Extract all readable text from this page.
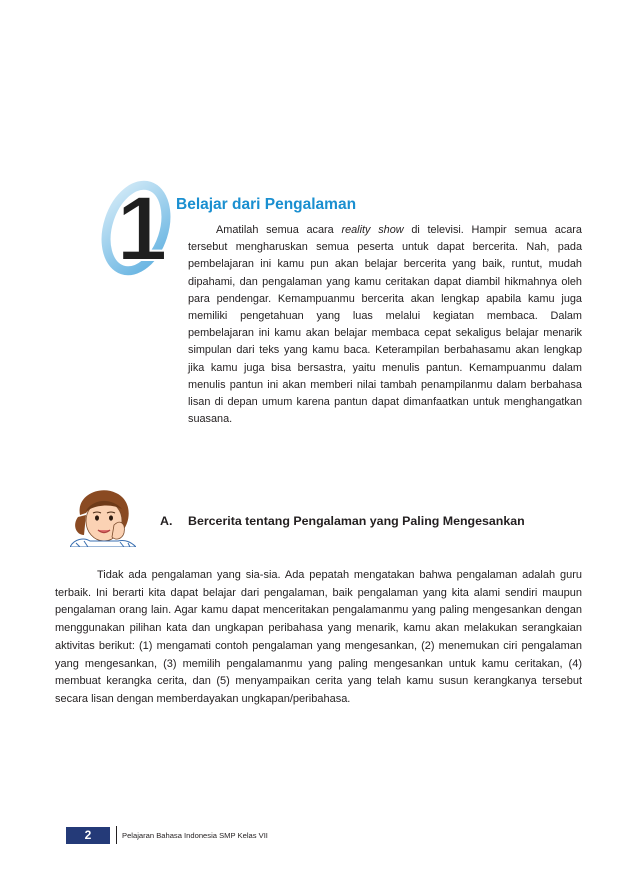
1 Belajar dari Pengalaman

Amatilah semua acara reality show di televisi. Hampir semua acara tersebut mengharuskan semua peserta untuk dapat bercerita. Nah, pada pembelajaran ini kamu pun akan belajar bercerita yang baik, runtut, mudah dipahami, dan pengalaman yang kamu ceritakan dapat diambil hikmahnya oleh para pendengar. Kemampuanmu bercerita akan lengkap apabila kamu juga memiliki pengetahuan yang luas melalui kegiatan membaca. Dalam pembelajaran ini kamu akan belajar membaca cepat sekaligus belajar menarik simpulan dari teks yang kamu baca. Keterampilan berbahasamu akan lengkap jika kamu juga bisa bersastra, yaitu menulis pantun. Kemampuanmu dalam menulis pantun ini akan memberi nilai tambah penampilanmu dalam berbahasa lisan di depan umum karena pantun dapat dimanfaatkan untuk menghangatkan suasana.

A. Bercerita tentang Pengalaman yang Paling Mengesankan

Tidak ada pengalaman yang sia-sia. Ada pepatah mengatakan bahwa pengalaman adalah guru terbaik. Ini berarti kita dapat belajar dari pengalaman, baik pengalaman yang kita alami sendiri maupun pengalaman orang lain. Agar kamu dapat menceritakan pengalamanmu yang paling mengesankan dengan menggunakan pilihan kata dan ungkapan peribahasa yang menarik, kamu akan melakukan serangkaian aktivitas berikut: (1) mengamati contoh pengalaman yang mengesankan, (2) menemukan ciri pengalaman yang mengesankan, (3) memilih pengalamanmu yang paling mengesankan untuk kamu ceritakan, (4) membuat kerangka cerita, dan (5) menyampaikan cerita yang telah kamu susun kerangkanya tersebut secara lisan dengan memberdayakan ungkapan/peribahasa.

2	Pelajaran Bahasa Indonesia SMP Kelas VII
